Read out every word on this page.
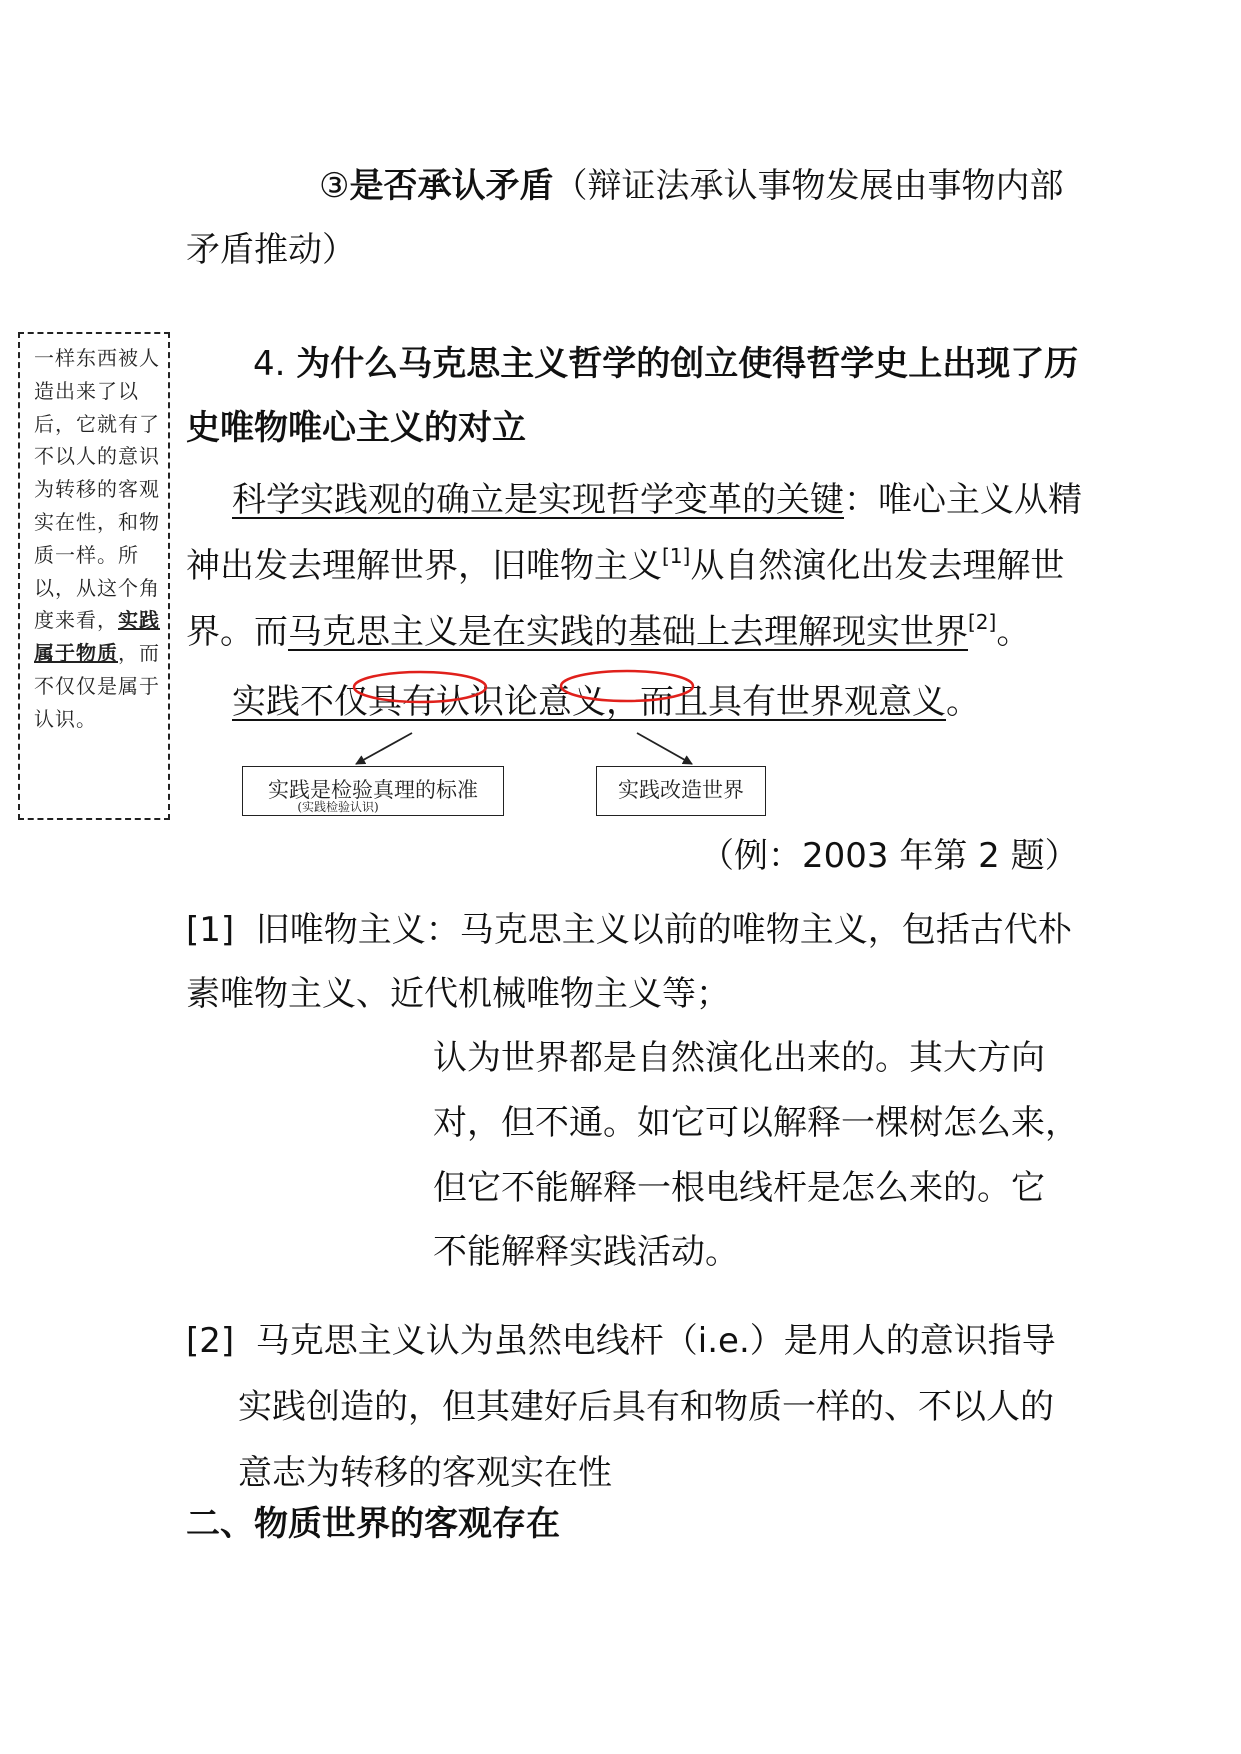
③是否承认矛盾（辩证法承认事物发展由事物内部
矛盾推动）
一样东西被人造出来了以后，它就有了不以人的意识为转移的客观实在性，和物质一样。所以，从这个角度来看，实践属于物质，而不仅仅是属于认识。
4. 为什么马克思主义哲学的创立使得哲学史上出现了历
史唯物唯心主义的对立
科学实践观的确立是实现哲学变革的关键：唯心主义从精
神出发去理解世界，旧唯物主义[1]从自然演化出发去理解世
界。而马克思主义是在实践的基础上去理解现实世界[2]。
实践不仅具有认识论意义，而且具有世界观意义。
实践是检验真理的标准
(实践检验认识)
实践改造世界
（例：2003 年第 2 题）
[1] 旧唯物主义：马克思主义以前的唯物主义，包括古代朴
素唯物主义、近代机械唯物主义等；
认为世界都是自然演化出来的。其大方向
对，但不通。如它可以解释一棵树怎么来，
但它不能解释一根电线杆是怎么来的。它
不能解释实践活动。
[2] 马克思主义认为虽然电线杆（i.e.）是用人的意识指导实践创造的，但其建好后具有和物质一样的、不以人的意志为转移的客观实在性
二、物质世界的客观存在
